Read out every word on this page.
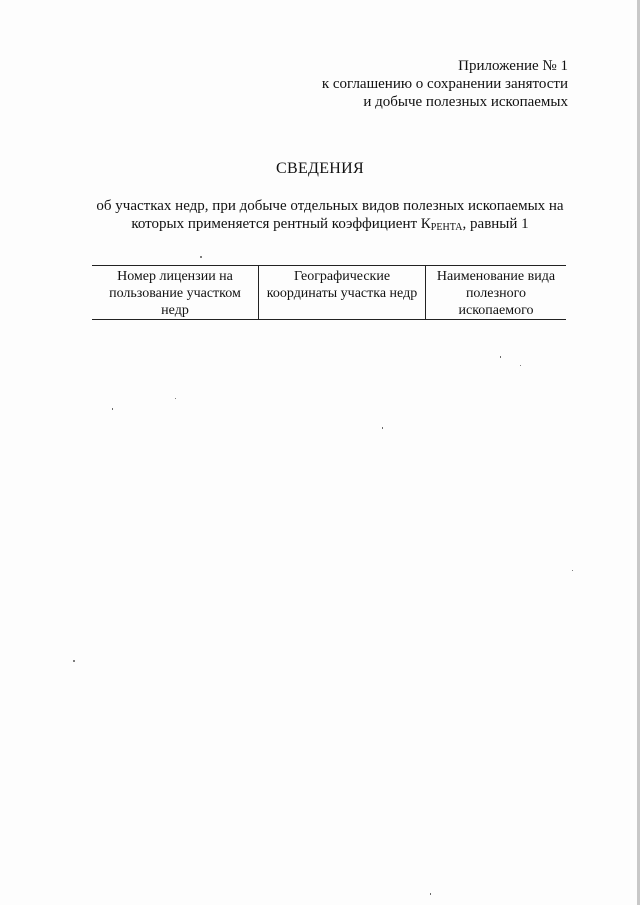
Приложение № 1
к соглашению о сохранении занятости
и добыче полезных ископаемых
СВЕДЕНИЯ
об участках недр, при добыче отдельных видов полезных ископаемых на
которых применяется рентный коэффициент КРЕНТА, равный 1
Номер лицензии на пользование участком недр	Географические координаты участка недр	Наименование вида полезного ископаемого
